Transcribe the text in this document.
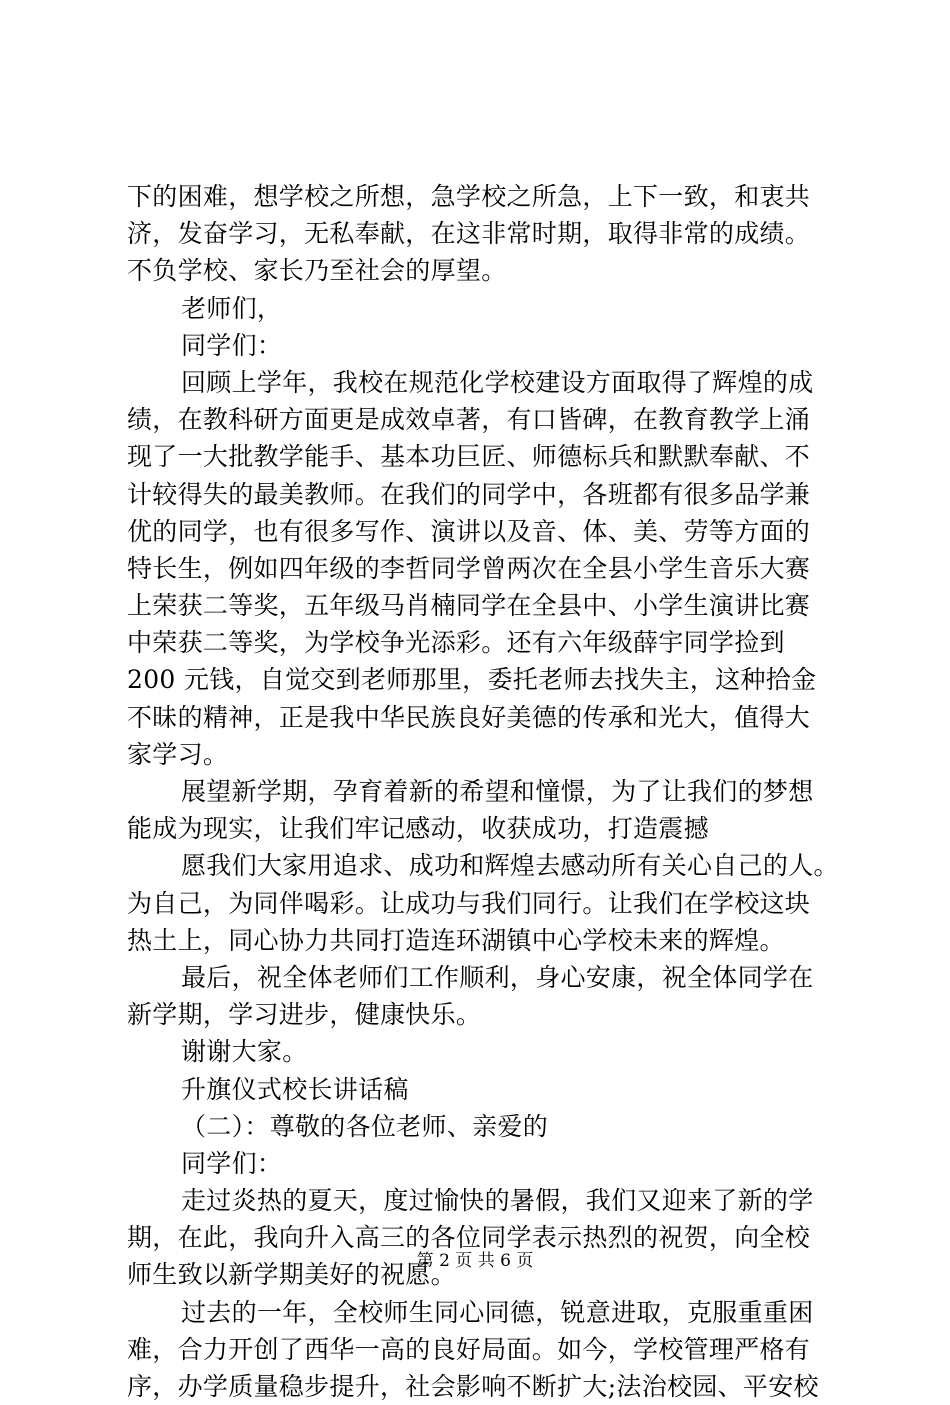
下的困难，想学校之所想，急学校之所急，上下一致，和衷共
济，发奋学习，无私奉献，在这非常时期，取得非常的成绩。
不负学校、家长乃至社会的厚望。
老师们，
同学们：
回顾上学年，我校在规范化学校建设方面取得了辉煌的成
绩，在教科研方面更是成效卓著，有口皆碑，在教育教学上涌
现了一大批教学能手、基本功巨匠、师德标兵和默默奉献、不
计较得失的最美教师。在我们的同学中，各班都有很多品学兼
优的同学，也有很多写作、演讲以及音、体、美、劳等方面的
特长生，例如四年级的李哲同学曾两次在全县小学生音乐大赛
上荣获二等奖，五年级马肖楠同学在全县中、小学生演讲比赛
中荣获二等奖，为学校争光添彩。还有六年级薛宇同学捡到
200 元钱，自觉交到老师那里，委托老师去找失主，这种拾金
不昧的精神，正是我中华民族良好美德的传承和光大，值得大
家学习。
展望新学期，孕育着新的希望和憧憬，为了让我们的梦想
能成为现实，让我们牢记感动，收获成功，打造震撼
愿我们大家用追求、成功和辉煌去感动所有关心自己的人。
为自己，为同伴喝彩。让成功与我们同行。让我们在学校这块
热土上，同心协力共同打造连环湖镇中心学校未来的辉煌。
最后，祝全体老师们工作顺利，身心安康，祝全体同学在
新学期，学习进步，健康快乐。
谢谢大家。
升旗仪式校长讲话稿
（二）：尊敬的各位老师、亲爱的
同学们：
走过炎热的夏天，度过愉快的暑假，我们又迎来了新的学
期，在此，我向升入高三的各位同学表示热烈的祝贺，向全校
师生致以新学期美好的祝愿。
过去的一年，全校师生同心同德，锐意进取，克服重重困
难，合力开创了西华一高的良好局面。如今，学校管理严格有
序，办学质量稳步提升，社会影响不断扩大;法治校园、平安校
第 2 页 共 6 页
